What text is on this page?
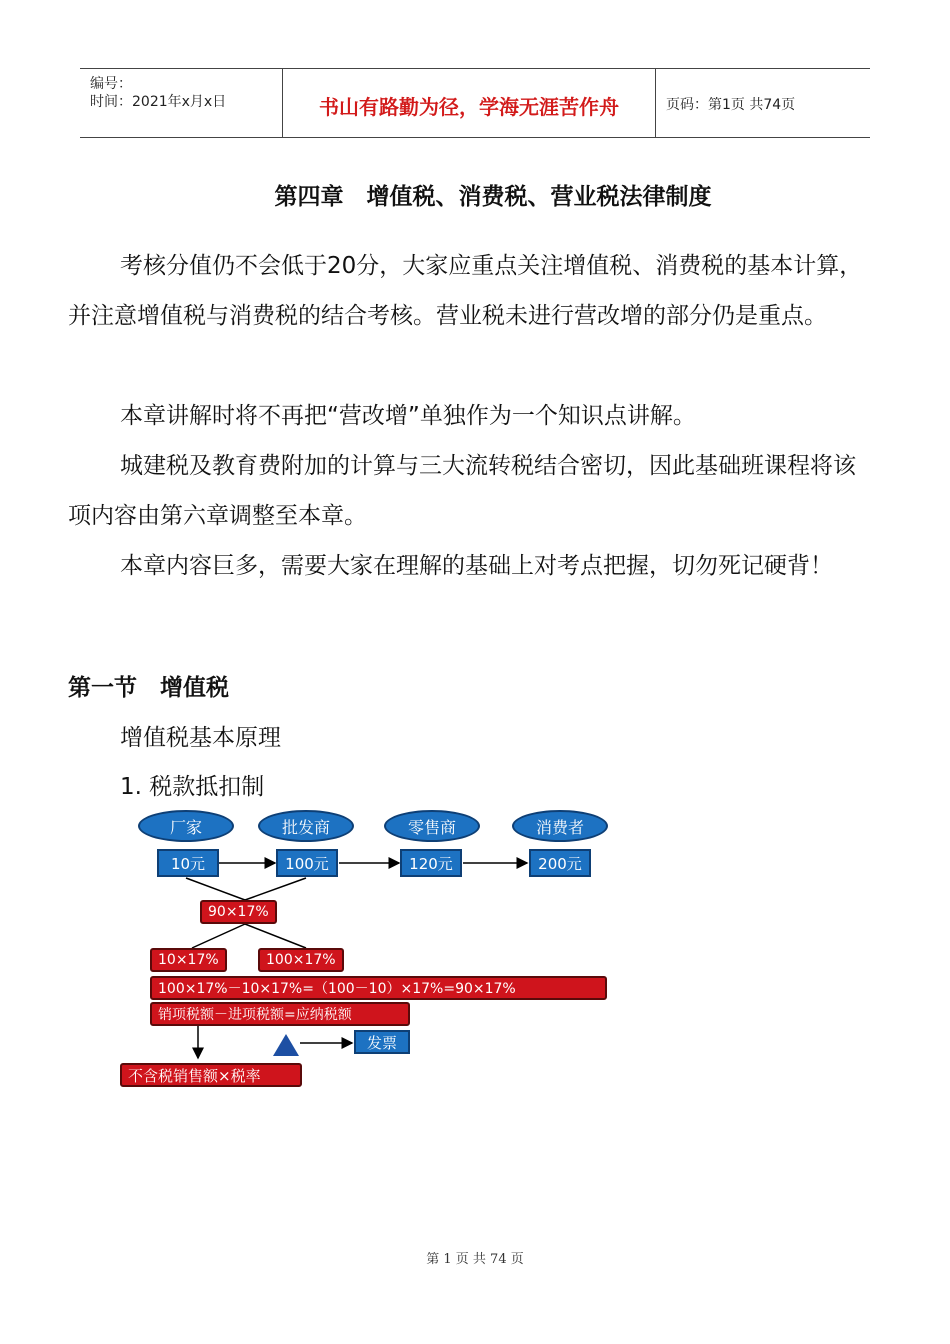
编号：
时间：2021年x月x日	书山有路勤为径，学海无涯苦作舟	页码：第1页 共74页
第四章　增值税、消费税、营业税法律制度

考核分值仍不会低于20分，大家应重点关注增值税、消费税的基本计算，并注意增值税与消费税的结合考核。营业税未进行营改增的部分仍是重点。

本章讲解时将不再把“营改增”单独作为一个知识点讲解。

城建税及教育费附加的计算与三大流转税结合密切，因此基础班课程将该项内容由第六章调整至本章。

本章内容巨多，需要大家在理解的基础上对考点把握，切勿死记硬背！

第一节　增值税
增值税基本原理
1. 税款抵扣制
厂家	批发商	零售商	消费者
10元	100元	120元	200元
90×17%
10×17%	100×17%
100×17%－10×17%=（100－10）×17%=90×17%
销项税额－进项税额=应纳税额
发票
不含税销售额×税率
第 1 页 共 74 页
